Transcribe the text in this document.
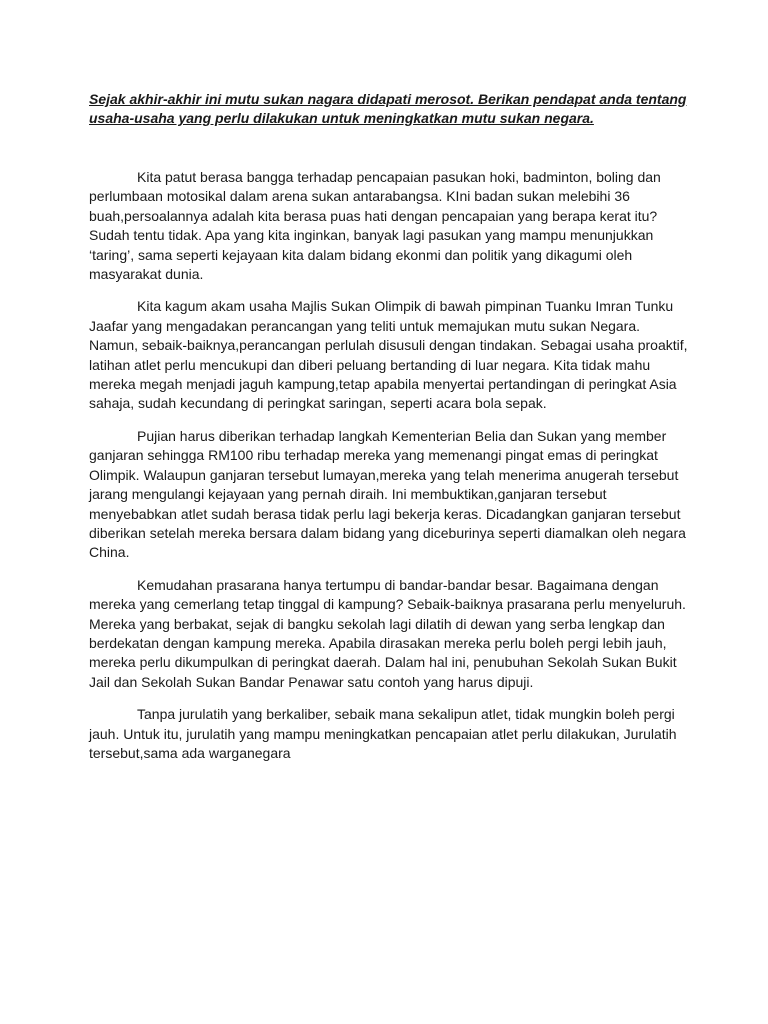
Sejak akhir-akhir ini mutu sukan nagara didapati merosot. Berikan pendapat anda tentang usaha-usaha yang perlu dilakukan untuk meningkatkan mutu sukan negara.

Kita patut berasa bangga terhadap pencapaian pasukan hoki, badminton, boling dan perlumbaan motosikal dalam arena sukan antarabangsa. KIni badan sukan melebihi 36 buah,persoalannya adalah kita berasa puas hati dengan pencapaian yang berapa kerat itu? Sudah tentu tidak. Apa yang kita inginkan, banyak lagi pasukan yang mampu menunjukkan ‘taring’, sama seperti kejayaan kita dalam bidang ekonmi dan politik yang dikagumi oleh masyarakat dunia.

Kita kagum akam usaha Majlis Sukan Olimpik di bawah pimpinan Tuanku Imran Tunku Jaafar yang mengadakan perancangan yang teliti untuk memajukan mutu sukan Negara. Namun, sebaik-baiknya,perancangan perlulah disusuli dengan tindakan. Sebagai usaha proaktif, latihan atlet perlu mencukupi dan diberi peluang bertanding di luar negara. Kita tidak mahu mereka megah menjadi jaguh kampung,tetap apabila menyertai pertandingan di peringkat Asia sahaja, sudah kecundang di peringkat saringan, seperti acara bola sepak.

Pujian harus diberikan terhadap langkah Kementerian Belia dan Sukan yang member ganjaran sehingga RM100 ribu terhadap mereka yang memenangi pingat emas di peringkat Olimpik. Walaupun ganjaran tersebut lumayan,mereka yang telah menerima anugerah tersebut jarang mengulangi kejayaan yang pernah diraih. Ini membuktikan,ganjaran tersebut menyebabkan atlet sudah berasa tidak perlu lagi bekerja keras. Dicadangkan ganjaran tersebut diberikan setelah mereka bersara dalam bidang yang diceburinya seperti diamalkan oleh negara China.

Kemudahan prasarana hanya tertumpu di bandar-bandar besar. Bagaimana dengan mereka yang cemerlang tetap tinggal di kampung? Sebaik-baiknya prasarana perlu menyeluruh. Mereka yang berbakat, sejak di bangku sekolah lagi dilatih di dewan yang serba lengkap dan berdekatan dengan kampung mereka. Apabila dirasakan mereka perlu boleh pergi lebih jauh, mereka perlu dikumpulkan di peringkat daerah. Dalam hal ini, penubuhan Sekolah Sukan Bukit Jail dan Sekolah Sukan Bandar Penawar satu contoh yang harus dipuji.

Tanpa jurulatih yang berkaliber, sebaik mana sekalipun atlet, tidak mungkin boleh pergi jauh. Untuk itu, jurulatih yang mampu meningkatkan pencapaian atlet perlu dilakukan, Jurulatih tersebut,sama ada warganegara
